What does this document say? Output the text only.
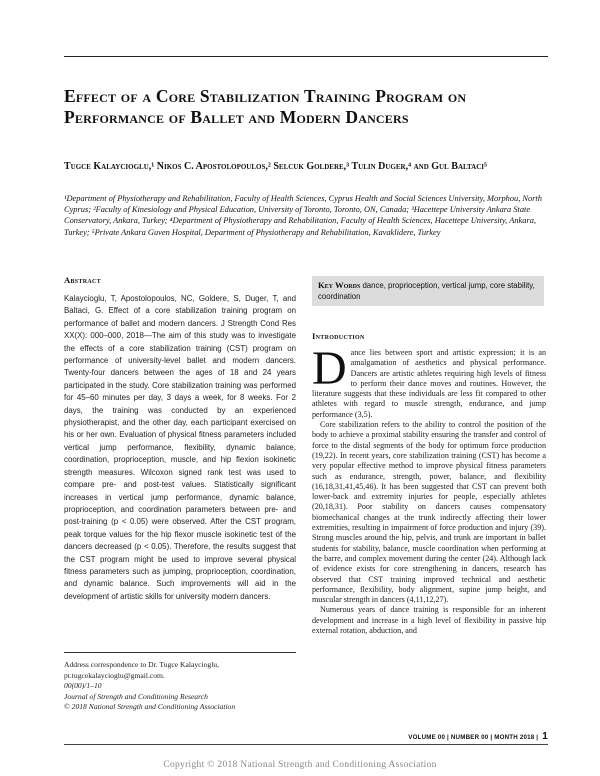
Effect of a Core Stabilization Training Program on Performance of Ballet and Modern Dancers

Tugce Kalaycioglu,¹ Nikos C. Apostolopoulos,² Selcuk Goldere,³ Tulin Duger,⁴ and Gul Baltaci⁵

¹Department of Physiotherapy and Rehabilitation, Faculty of Health Sciences, Cyprus Health and Social Sciences University, Morphou, North Cyprus; ²Faculty of Kinesiology and Physical Education, University of Toronto, Toronto, ON, Canada; ³Hacettepe University Ankara State Conservatory, Ankara, Turkey; ⁴Department of Physiotherapy and Rehabilitation, Faculty of Health Sciences, Hacettepe University, Ankara, Turkey; ⁵Private Ankara Guven Hospital, Department of Physiotherapy and Rehabilitation, Kavaklidere, Turkey

Abstract

Kalaycioglu, T, Apostolopoulos, NC, Goldere, S, Duger, T, and Baltaci, G. Effect of a core stabilization training program on performance of ballet and modern dancers. J Strength Cond Res XX(X): 000–000, 2018—The aim of this study was to investigate the effects of a core stabilization training (CST) program on performance of university-level ballet and modern dancers. Twenty-four dancers between the ages of 18 and 24 years participated in the study. Core stabilization training was performed for 45–60 minutes per day, 3 days a week, for 8 weeks. For 2 days, the training was conducted by an experienced physiotherapist, and the other day, each participant exercised on his or her own. Evaluation of physical fitness parameters included vertical jump performance, flexibility, dynamic balance, coordination, proprioception, muscle, and hip flexion isokinetic strength measures. Wilcoxon signed rank test was used to compare pre- and post-test values. Statistically significant increases in vertical jump performance, dynamic balance, proprioception, and coordination parameters between pre- and post-training (p < 0.05) were observed. After the CST program, peak torque values for the hip flexor muscle isokinetic test of the dancers decreased (p < 0.05). Therefore, the results suggest that the CST program might be used to improve several physical fitness parameters such as jumping, proprioception, coordination, and dynamic balance. Such improvements will aid in the development of artistic skills for university modern dancers.

Address correspondence to Dr. Tugce Kalaycioglu, pt.tugcekalaycioglu@gmail.com.
00(00)/1–10
Journal of Strength and Conditioning Research
© 2018 National Strength and Conditioning Association
Key Words dance, proprioception, vertical jump, core stability, coordination
Introduction

Dance lies between sport and artistic expression; it is an amalgamation of aesthetics and physical performance. Dancers are artistic athletes requiring high levels of fitness to perform their dance moves and routines. However, the literature suggests that these individuals are less fit compared to other athletes with regard to muscle strength, endurance, and jump performance (3,5).

Core stabilization refers to the ability to control the position of the body to achieve a proximal stability ensuring the transfer and control of force to the distal segments of the body for optimum force production (19,22). In recent years, core stabilization training (CST) has become a very popular effective method to improve physical fitness parameters such as endurance, strength, power, balance, and flexibility (16,18,31,41,45,46). It has been suggested that CST can prevent both lower-back and extremity injuries for people, especially athletes (20,18,31). Poor stability on dancers causes compensatory biomechanical changes at the trunk indirectly affecting their lower extremities, resulting in impairment of force production and injury (39). Strong muscles around the hip, pelvis, and trunk are important in ballet students for stability, balance, muscle coordination when performing at the barre, and complex movement during the center (24). Although lack of evidence exists for core strengthening in dancers, research has observed that CST training improved technical and aesthetic performance, flexibility, body alignment, supine jump height, and muscular strength in dancers (4,11,12,27).

Numerous years of dance training is responsible for an inherent development and increase in a high level of flexibility in passive hip external rotation, abduction, and

VOLUME 00 | NUMBER 00 | MONTH 2018 | 1
Copyright © 2018 National Strength and Conditioning Association
